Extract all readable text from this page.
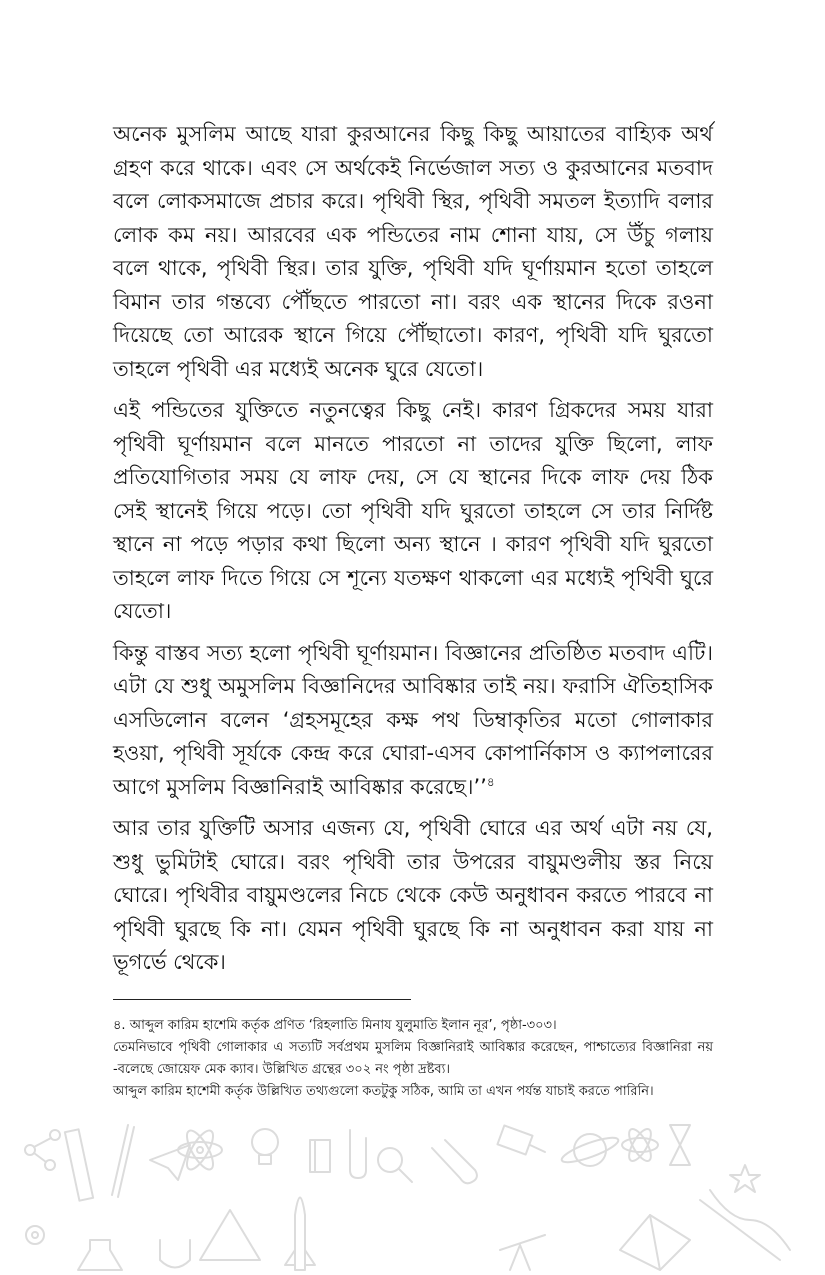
অনেক মুসলিম আছে যারা কুরআনের কিছু কিছু আয়াতের বাহ্যিক অর্থ গ্রহণ করে থাকে। এবং সে অর্থকেই নির্ভেজাল সত্য ও কুরআনের মতবাদ বলে লোকসমাজে প্রচার করে। পৃথিবী স্থির, পৃথিবী সমতল ইত্যাদি বলার লোক কম নয়। আরবের এক পন্ডিতের নাম শোনা যায়, সে উঁচু গলায় বলে থাকে, পৃথিবী স্থির। তার যুক্তি, পৃথিবী যদি ঘূর্ণায়মান হতো তাহলে বিমান তার গন্তব্যে পৌঁছতে পারতো না। বরং এক স্থানের দিকে রওনা দিয়েছে তো আরেক স্থানে গিয়ে পৌঁছাতো। কারণ, পৃথিবী যদি ঘুরতো তাহলে পৃথিবী এর মধ্যেই অনেক ঘুরে যেতো।

এই পন্ডিতের যুক্তিতে নতুনত্বের কিছু নেই। কারণ গ্রিকদের সময় যারা পৃথিবী ঘূর্ণায়মান বলে মানতে পারতো না তাদের যুক্তি ছিলো, লাফ প্রতিযোগিতার সময় যে লাফ দেয়, সে যে স্থানের দিকে লাফ দেয় ঠিক সেই স্থানেই গিয়ে পড়ে। তো পৃথিবী যদি ঘুরতো তাহলে সে তার নির্দিষ্ট স্থানে না পড়ে পড়ার কথা ছিলো অন্য স্থানে । কারণ পৃথিবী যদি ঘুরতো তাহলে লাফ দিতে গিয়ে সে শূন্যে যতক্ষণ থাকলো এর মধ্যেই পৃথিবী ঘুরে যেতো।

কিন্তু বাস্তব সত্য হলো পৃথিবী ঘূর্ণায়মান। বিজ্ঞানের প্রতিষ্ঠিত মতবাদ এটি। এটা যে শুধু অমুসলিম বিজ্ঞানিদের আবিষ্কার তাই নয়। ফরাসি ঐতিহাসিক এসডিলোন বলেন ‘গ্রহসমূহের কক্ষ পথ ডিম্বাকৃতির মতো গোলাকার হওয়া, পৃথিবী সূর্যকে কেন্দ্র করে ঘোরা-এসব কোপার্নিকাস ও ক্যাপলারের আগে মুসলিম বিজ্ঞানিরাই আবিষ্কার করেছে।’’$^৪$

আর তার যুক্তিটি অসার এজন্য যে, পৃথিবী ঘোরে এর অর্থ এটা নয় যে, শুধু ভুমিটাই ঘোরে। বরং পৃথিবী তার উপরের বায়ুমণ্ডলীয় স্তর নিয়ে ঘোরে। পৃথিবীর বায়ুমণ্ডলের নিচে থেকে কেউ অনুধাবন করতে পারবে না পৃথিবী ঘুরছে কি না। যেমন পৃথিবী ঘুরছে কি না অনুধাবন করা যায় না ভূগর্ভে থেকে।

৪. আব্দুল কারিম হাশেমি কর্তৃক প্রণিত ‘রিহলাতি মিনায যুলুমাতি ইলান নূর’, পৃষ্ঠা-৩০৩।

তেমনিভাবে পৃথিবী গোলাকার এ সত্যটি সর্বপ্রথম মুসলিম বিজ্ঞানিরাই আবিষ্কার করেছেন, পাশ্চাত্যের বিজ্ঞানিরা নয় -বলেছে জোয়েফ মেক ক্যাব। উল্লিখিত গ্রন্থের ৩০২ নং পৃষ্ঠা দ্রষ্টব্য।

আব্দুল কারিম হাশেমী কর্তৃক উল্লিখিত তথ্যগুলো কতটুকু সঠিক, আমি তা এখন পর্যন্ত যাচাই করতে পারিনি।
